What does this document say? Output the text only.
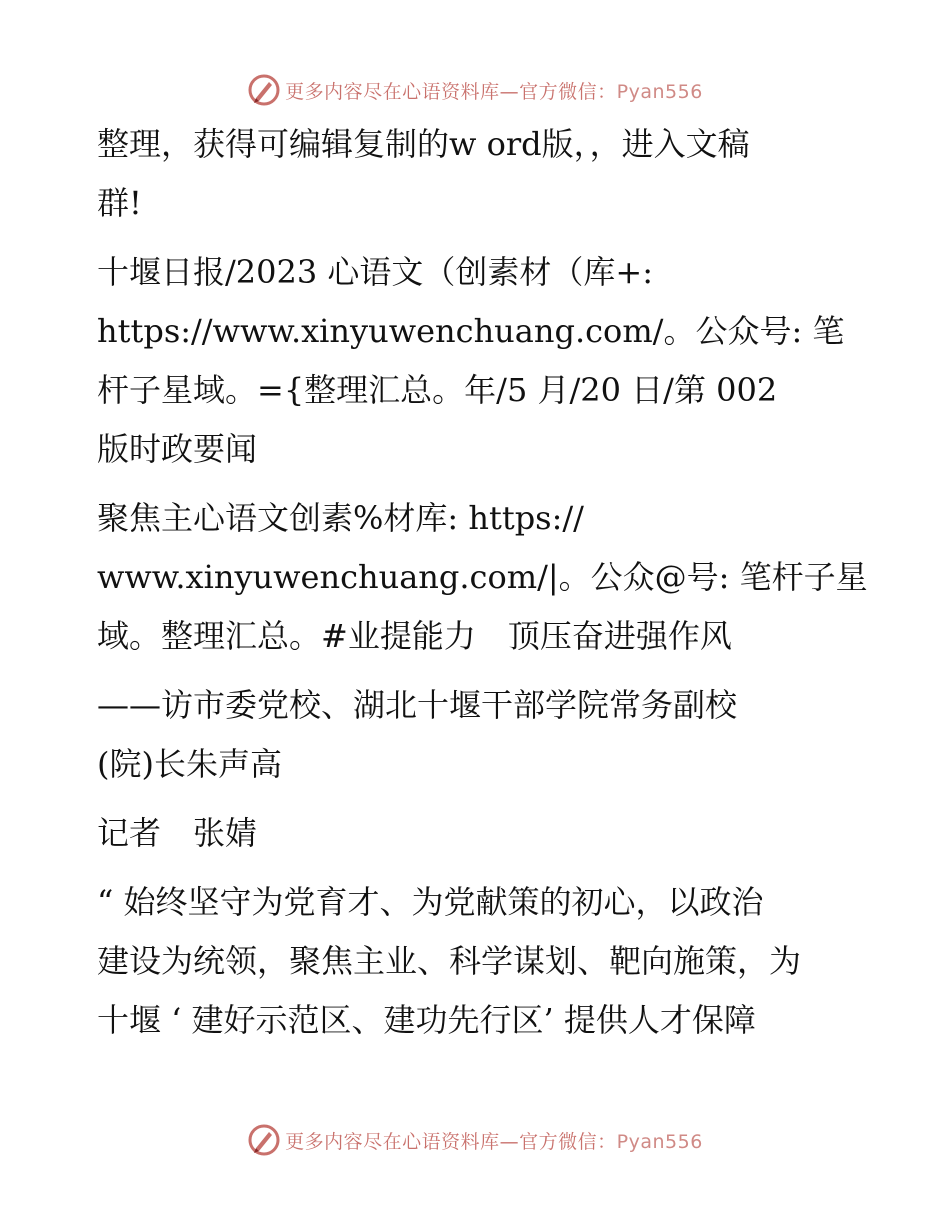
更多内容尽在心语资料库—官方微信：Pyan556

整理，获得可编辑复制的w ord版，，进入文稿
群!

十堰日报/2023 心语文（创素材（库+:
https://www.xinyuwenchuang.com/。公众号: 笔
杆子星域。={整理汇总。年/5 月/20 日/第 002
版时政要闻

聚焦主心语文创素%材库: https://
www.xinyuwenchuang.com/|。公众@号: 笔杆子星
域。整理汇总。#业提能力　顶压奋进强作风

——访市委党校、湖北十堰干部学院常务副校
(院)长朱声高

记者　张婧

“ 始终坚守为党育才、为党献策的初心，以政治
建设为统领，聚焦主业、科学谋划、靶向施策，为
十堰 ‘ 建好示范区、建功先行区’ 提供人才保障

更多内容尽在心语资料库—官方微信：Pyan556
